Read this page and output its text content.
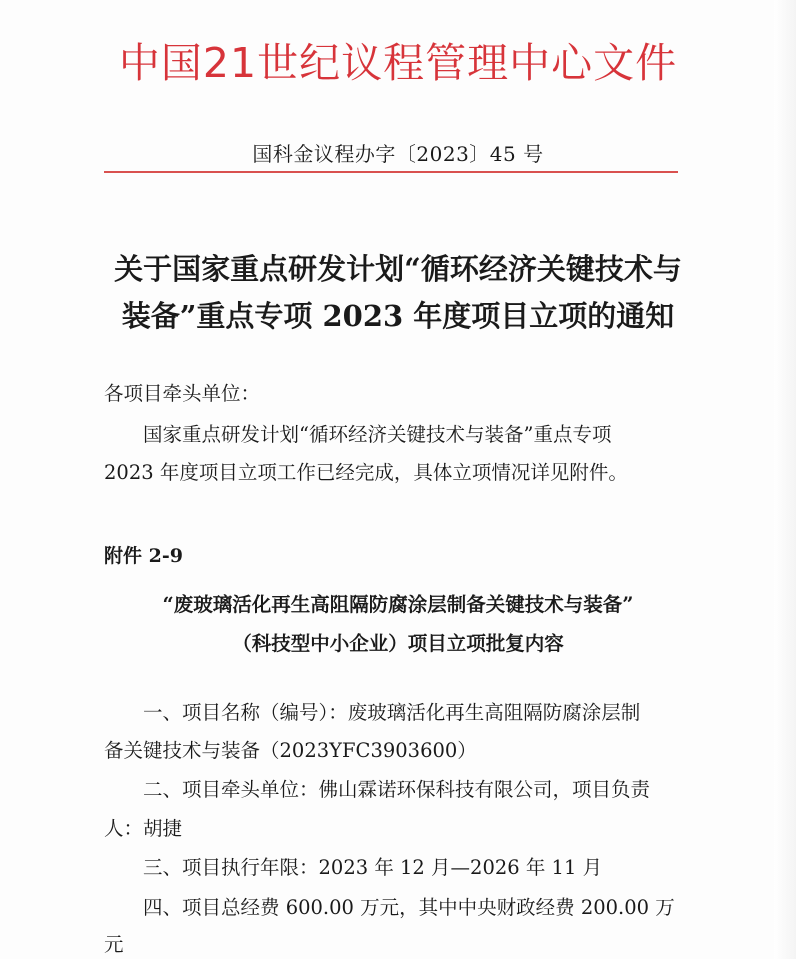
中国21世纪议程管理中心文件
国科金议程办字〔2023〕45 号
关于国家重点研发计划“循环经济关键技术与
装备”重点专项 2023 年度项目立项的通知
各项目牵头单位：
国家重点研发计划“循环经济关键技术与装备”重点专项
2023 年度项目立项工作已经完成，具体立项情况详见附件。
附件 2-9
“废玻璃活化再生高阻隔防腐涂层制备关键技术与装备”
（科技型中小企业）项目立项批复内容
一、项目名称（编号）：废玻璃活化再生高阻隔防腐涂层制
备关键技术与装备（2023YFC3903600）
二、项目牵头单位：佛山霖诺环保科技有限公司，项目负责
人：胡捷
三、项目执行年限：2023 年 12 月—2026 年 11 月
四、项目总经费 600.00 万元，其中中央财政经费 200.00 万
元
